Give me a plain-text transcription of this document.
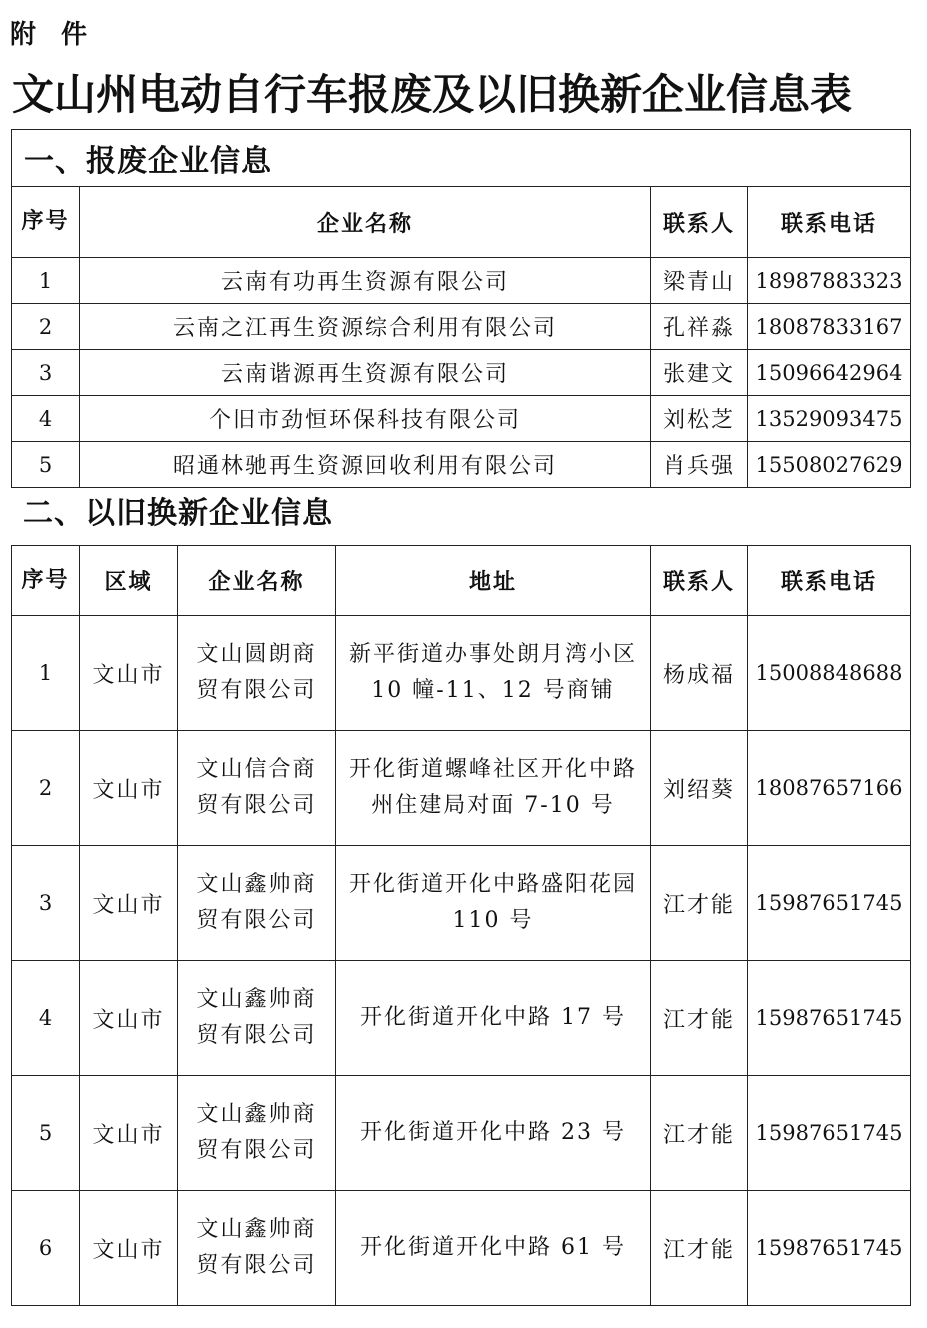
附 件
文山州电动自行车报废及以旧换新企业信息表
一、报废企业信息			
序号	企业名称	联系人	联系电话
1	云南有功再生资源有限公司	梁青山	18987883323
2	云南之江再生资源综合利用有限公司	孔祥淼	18087833167
3	云南谐源再生资源有限公司	张建文	15096642964
4	个旧市劲恒环保科技有限公司	刘松芝	13529093475
5	昭通林驰再生资源回收利用有限公司	肖兵强	15508027629
二、以旧换新企业信息
序号	区域	企业名称	地址	联系人	联系电话
1	文山市	文山圆朗商贸有限公司	新平街道办事处朗月湾小区 10 幢-11、12 号商铺	杨成福	15008848688
2	文山市	文山信合商贸有限公司	开化街道螺峰社区开化中路州住建局对面 7-10 号	刘绍葵	18087657166
3	文山市	文山鑫帅商贸有限公司	开化街道开化中路盛阳花园 110 号	江才能	15987651745
4	文山市	文山鑫帅商贸有限公司	开化街道开化中路 17 号	江才能	15987651745
5	文山市	文山鑫帅商贸有限公司	开化街道开化中路 23 号	江才能	15987651745
6	文山市	文山鑫帅商贸有限公司	开化街道开化中路 61 号	江才能	15987651745
